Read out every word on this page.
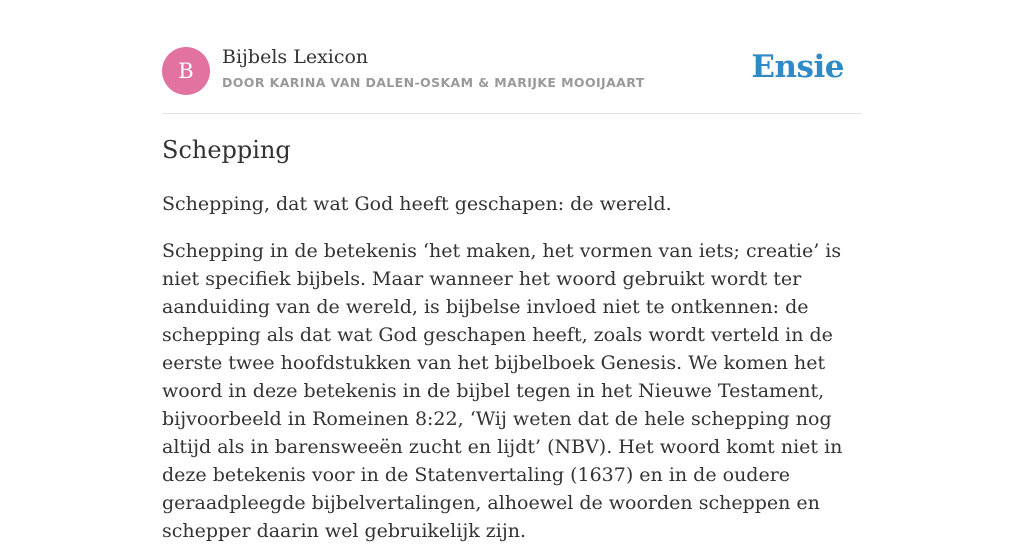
B
Bijbels Lexicon
DOOR KARINA VAN DALEN-OSKAM & MARIJKE MOOIJAART	Ensie
Schepping

Schepping, dat wat God heeft geschapen: de wereld.

Schepping in de betekenis ‘het maken, het vormen van iets; creatie’ is niet specifiek bijbels. Maar wanneer het woord gebruikt wordt ter aanduiding van de wereld, is bijbelse invloed niet te ontkennen: de schepping als dat wat God geschapen heeft, zoals wordt verteld in de eerste twee hoofdstukken van het bijbelboek Genesis. We komen het woord in deze betekenis in de bijbel tegen in het Nieuwe Testament, bijvoorbeeld in Romeinen 8:22, ‘Wij weten dat de hele schepping nog altijd als in barensweeën zucht en lijdt’ (NBV). Het woord komt niet in deze betekenis voor in de Statenvertaling (1637) en in de oudere geraadpleegde bijbelvertalingen, alhoewel de woorden scheppen en schepper daarin wel gebruikelijk zijn.
